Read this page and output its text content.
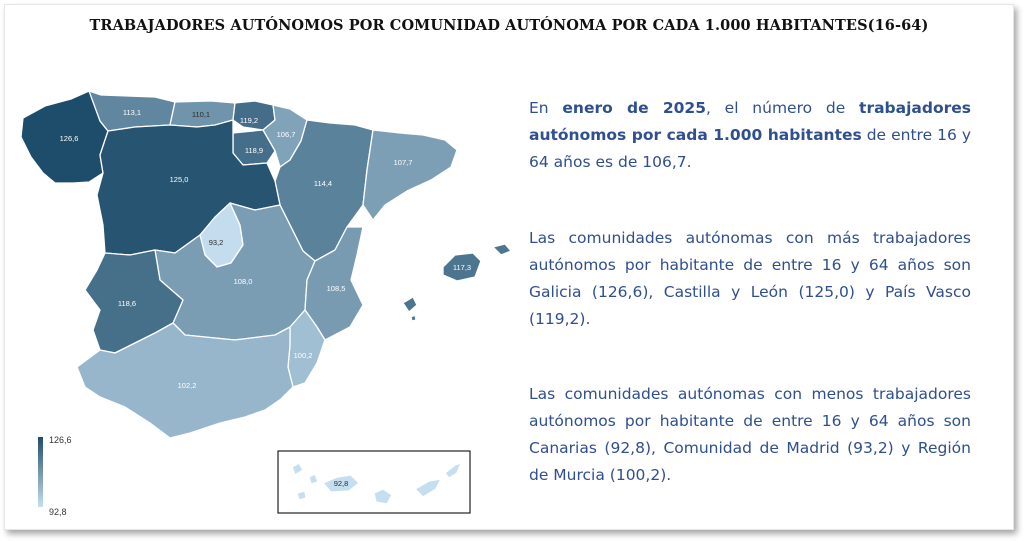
TRABAJADORES AUTÓNOMOS POR COMUNIDAD AUTÓNOMA POR CADA 1.000 HABITANTES(16-64)
126,6
113,1	110,1
119,2
106,7
118,9
114,4
107,7
125,0
93,2
108,0
108,5
117,3
118,6
100,2
102,2
92,8
126,6
92,8

En enero de 2025, el número de trabajadores autónomos por cada 1.000 habitantes de entre 16 y 64 años es de 106,7.

Las comunidades autónomas con más trabajadores autónomos por habitante de entre 16 y 64 años son Galicia (126,6), Castilla y León (125,0) y País Vasco (119,2).

Las comunidades autónomas con menos trabajadores autónomos por habitante de entre 16 y 64 años son Canarias (92,8), Comunidad de Madrid (93,2) y Región de Murcia (100,2).
